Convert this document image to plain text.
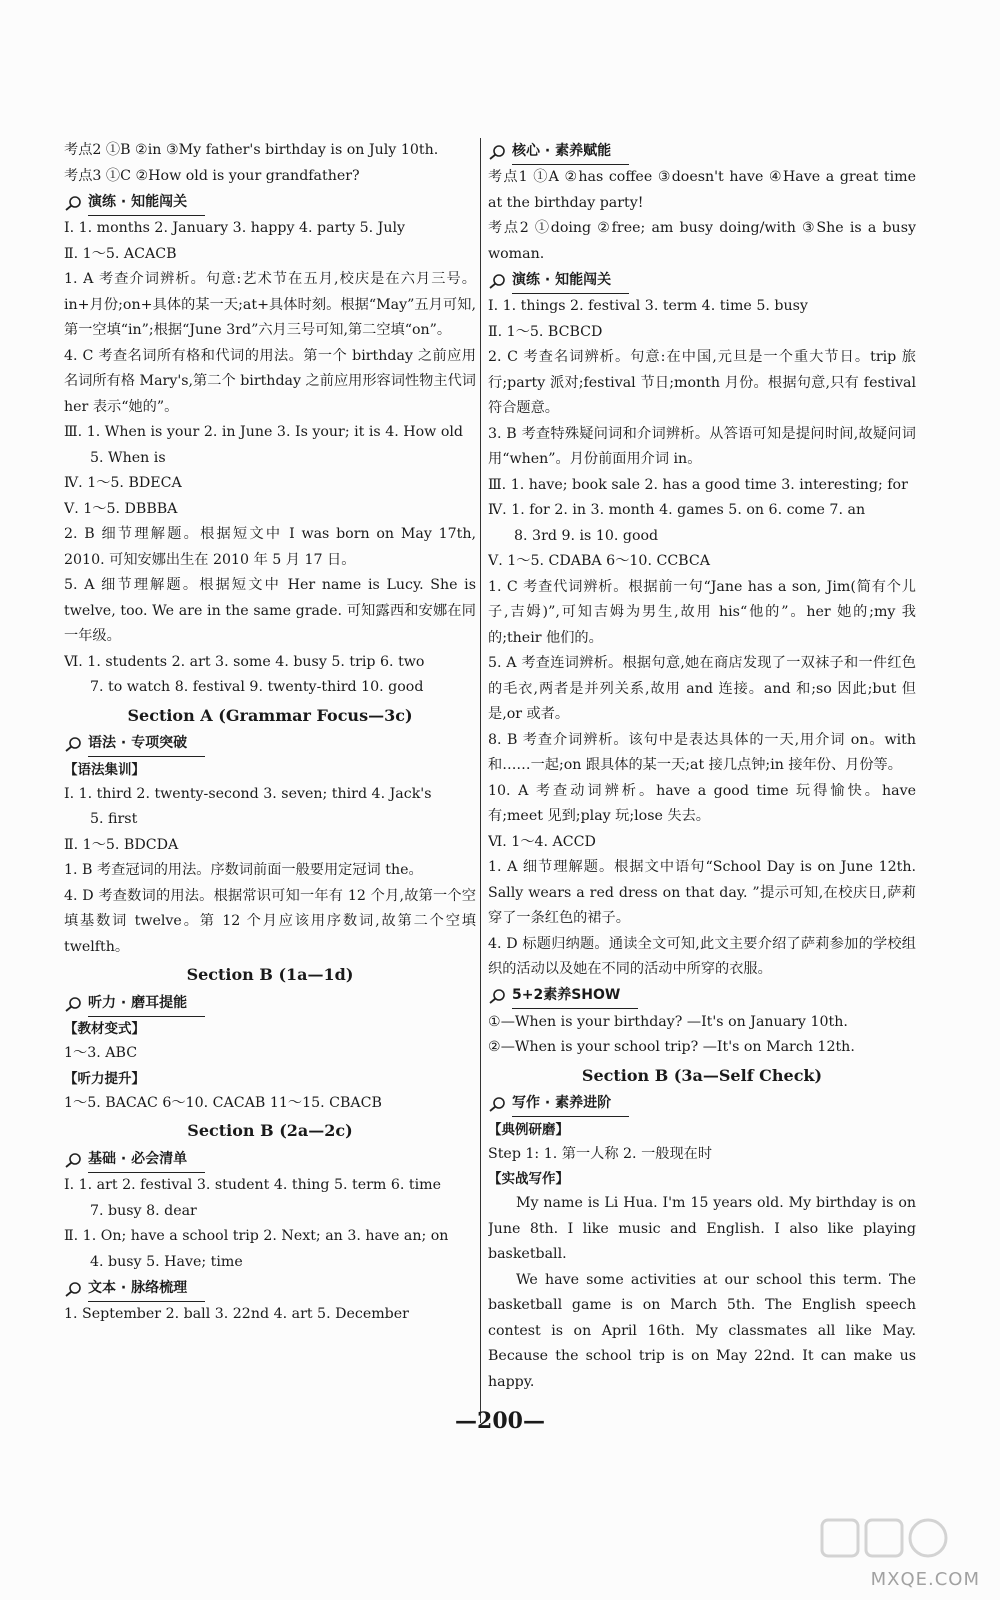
考点2 ①B ②in ③My father's birthday is on July 10th.
考点3 ①C ②How old is your grandfather?
演练 · 知能闯关
Ⅰ. 1. months 2. January 3. happy 4. party 5. July
Ⅱ. 1～5. ACACB
1. A 考查介词辨析。句意:艺术节在五月,校庆是在六月三号。in+月份;on+具体的某一天;at+具体时刻。根据“May”五月可知,第一空填“in”;根据“June 3rd”六月三号可知,第二空填“on”。
4. C 考查名词所有格和代词的用法。第一个 birthday 之前应用名词所有格 Mary's,第二个 birthday 之前应用形容词性物主代词 her 表示“她的”。
Ⅲ. 1. When is your 2. in June 3. Is your; it is 4. How old
5. When is
Ⅳ. 1～5. BDECA
Ⅴ. 1～5. DBBBA
2. B 细节理解题。根据短文中 I was born on May 17th, 2010. 可知安娜出生在 2010 年 5 月 17 日。
5. A 细节理解题。根据短文中 Her name is Lucy. She is twelve, too. We are in the same grade. 可知露西和安娜在同一年级。
Ⅵ. 1. students 2. art 3. some 4. busy 5. trip 6. two
7. to watch 8. festival 9. twenty-third 10. good
Section A (Grammar Focus—3c)
语法 · 专项突破
【语法集训】
Ⅰ. 1. third 2. twenty-second 3. seven; third 4. Jack's
5. first
Ⅱ. 1～5. BDCDA
1. B 考查冠词的用法。序数词前面一般要用定冠词 the。
4. D 考查数词的用法。根据常识可知一年有 12 个月,故第一个空填基数词 twelve。第 12 个月应该用序数词,故第二个空填 twelfth。
Section B (1a—1d)
听力 · 磨耳提能
【教材变式】
1～3. ABC
【听力提升】
1～5. BACAC 6～10. CACAB 11～15. CBACB
Section B (2a—2c)
基础 · 必会清单
Ⅰ. 1. art 2. festival 3. student 4. thing 5. term 6. time
7. busy 8. dear
Ⅱ. 1. On; have a school trip 2. Next; an 3. have an; on
4. busy 5. Have; time
文本 · 脉络梳理
1. September 2. ball 3. 22nd 4. art 5. December
核心 · 素养赋能
考点1 ①A ②has coffee ③doesn't have ④Have a great time at the birthday party!
考点2 ①doing ②free; am busy doing/with ③She is a busy woman.
演练 · 知能闯关
Ⅰ. 1. things 2. festival 3. term 4. time 5. busy
Ⅱ. 1～5. BCBCD
2. C 考查名词辨析。句意:在中国,元旦是一个重大节日。trip 旅行;party 派对;festival 节日;month 月份。根据句意,只有 festival 符合题意。
3. B 考查特殊疑问词和介词辨析。从答语可知是提问时间,故疑问词用“when”。月份前面用介词 in。
Ⅲ. 1. have; book sale 2. has a good time 3. interesting; for
Ⅳ. 1. for 2. in 3. month 4. games 5. on 6. come 7. an
8. 3rd 9. is 10. good
Ⅴ. 1～5. CDABA 6～10. CCBCA
1. C 考查代词辨析。根据前一句“Jane has a son, Jim(简有个儿子,吉姆)”,可知吉姆为男生,故用 his“他的”。her 她的;my 我的;their 他们的。
5. A 考查连词辨析。根据句意,她在商店发现了一双袜子和一件红色的毛衣,两者是并列关系,故用 and 连接。and 和;so 因此;but 但是,or 或者。
8. B 考查介词辨析。该句中是表达具体的一天,用介词 on。with 和……一起;on 跟具体的某一天;at 接几点钟;in 接年份、月份等。
10. A 考查动词辨析。have a good time 玩得愉快。have 有;meet 见到;play 玩;lose 失去。
Ⅵ. 1～4. ACCD
1. A 细节理解题。根据文中语句“School Day is on June 12th. Sally wears a red dress on that day. ”提示可知,在校庆日,萨莉穿了一条红色的裙子。
4. D 标题归纳题。通读全文可知,此文主要介绍了萨莉参加的学校组织的活动以及她在不同的活动中所穿的衣服。
5+2素养SHOW
①—When is your birthday? —It's on January 10th.
②—When is your school trip? —It's on March 12th.
Section B (3a—Self Check)
写作 · 素养进阶
【典例研磨】
Step 1: 1. 第一人称 2. 一般现在时
【实战写作】
My name is Li Hua. I'm 15 years old. My birthday is on June 8th. I like music and English. I also like playing basketball.
We have some activities at our school this term. The basketball game is on March 5th. The English speech contest is on April 16th. My classmates all like May. Because the school trip is on May 22nd. It can make us happy.
—200—
MXQE.COM
